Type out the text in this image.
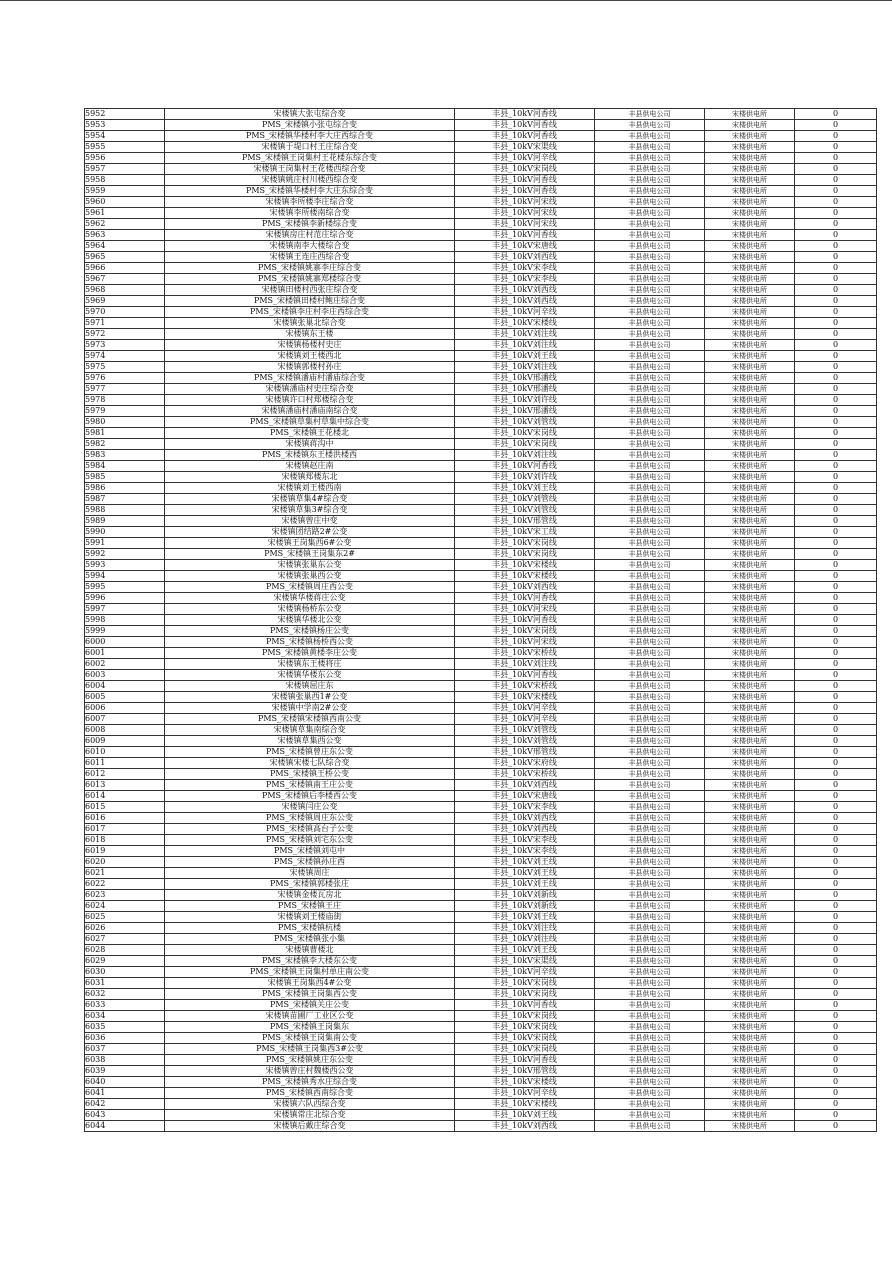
5952	宋楼镇大张屯综合变	丰县_10kV河香线	丰县供电公司	宋楼供电所	0
5953	PMS_宋楼镇小张屯综合变	丰县_10kV河香线	丰县供电公司	宋楼供电所	0
5954	PMS_宋楼镇华楼村李大庄西综合变	丰县_10kV河香线	丰县供电公司	宋楼供电所	0
5955	宋楼镇于堤口村王庄综合变	丰县_10kV宋渠线	丰县供电公司	宋楼供电所	0
5956	PMS_宋楼镇王岗集村王花楼东综合变	丰县_10kV河辛线	丰县供电公司	宋楼供电所	0
5957	宋楼镇王岗集村王花楼西综合变	丰县_10kV宋岗线	丰县供电公司	宋楼供电所	0
5958	宋楼镇姚庄村川楼西综合变	丰县_10kV河香线	丰县供电公司	宋楼供电所	0
5959	PMS_宋楼镇华楼村李大庄东综合变	丰县_10kV河香线	丰县供电公司	宋楼供电所	0
5960	宋楼镇李所楼李庄综合变	丰县_10kV河宋线	丰县供电公司	宋楼供电所	0
5961	宋楼镇李所楼南综合变	丰县_10kV河宋线	丰县供电公司	宋楼供电所	0
5962	PMS_宋楼镇李新楼综合变	丰县_10kV河宋线	丰县供电公司	宋楼供电所	0
5963	宋楼镇房庄村范庄综合变	丰县_10kV河香线	丰县供电公司	宋楼供电所	0
5964	宋楼镇南李大楼综合变	丰县_10kV宋唐线	丰县供电公司	宋楼供电所	0
5965	宋楼镇王连庄西综合变	丰县_10kV刘西线	丰县供电公司	宋楼供电所	0
5966	PMS_宋楼镇姚寨李庄综合变	丰县_10kV宋李线	丰县供电公司	宋楼供电所	0
5967	PMS_宋楼镇姚寨郑楼综合变	丰县_10kV宋李线	丰县供电公司	宋楼供电所	0
5968	宋楼镇田楼村西张庄综合变	丰县_10kV刘西线	丰县供电公司	宋楼供电所	0
5969	PMS_宋楼镇田楼村鲍庄综合变	丰县_10kV刘西线	丰县供电公司	宋楼供电所	0
5970	PMS_宋楼镇李庄村李庄西综合变	丰县_10kV河辛线	丰县供电公司	宋楼供电所	0
5971	宋楼镇张巢北综合变	丰县_10kV宋楼线	丰县供电公司	宋楼供电所	0
5972	宋楼镇东王楼	丰县_10kV刘注线	丰县供电公司	宋楼供电所	0
5973	宋楼镇杨楼村史庄	丰县_10kV刘注线	丰县供电公司	宋楼供电所	0
5974	宋楼镇刘王楼西北	丰县_10kV刘王线	丰县供电公司	宋楼供电所	0
5975	宋楼镇郭楼村孙庄	丰县_10kV刘注线	丰县供电公司	宋楼供电所	0
5976	PMS_宋楼镇潘庙村潘庙综合变	丰县_10kV邢潘线	丰县供电公司	宋楼供电所	0
5977	宋楼镇潘庙村史庄综合变	丰县_10kV邢潘线	丰县供电公司	宋楼供电所	0
5978	宋楼镇许口村郑楼综合变	丰县_10kV刘许线	丰县供电公司	宋楼供电所	0
5979	宋楼镇潘庙村潘庙南综合变	丰县_10kV邢潘线	丰县供电公司	宋楼供电所	0
5980	PMS_宋楼镇草集村草集中综合变	丰县_10kV刘管线	丰县供电公司	宋楼供电所	0
5981	PMS_宋楼镇王花楼北	丰县_10kV宋岗线	丰县供电公司	宋楼供电所	0
5982	宋楼镇蒋沟中	丰县_10kV宋岗线	丰县供电公司	宋楼供电所	0
5983	PMS_宋楼镇东王楼洪楼西	丰县_10kV刘注线	丰县供电公司	宋楼供电所	0
5984	宋楼镇赵庄南	丰县_10kV河香线	丰县供电公司	宋楼供电所	0
5985	宋楼镇郑楼东北	丰县_10kV刘许线	丰县供电公司	宋楼供电所	0
5986	宋楼镇刘王楼西南	丰县_10kV刘王线	丰县供电公司	宋楼供电所	0
5987	宋楼镇草集4#综合变	丰县_10kV刘管线	丰县供电公司	宋楼供电所	0
5988	宋楼镇草集3#综合变	丰县_10kV刘管线	丰县供电公司	宋楼供电所	0
5989	宋楼镇曾庄中变	丰县_10kV邢管线	丰县供电公司	宋楼供电所	0
5990	宋楼镇团结路2#公变	丰县_10kV宋工线	丰县供电公司	宋楼供电所	0
5991	宋楼镇王岗集西6#公变	丰县_10kV宋岗线	丰县供电公司	宋楼供电所	0
5992	PMS_宋楼镇王岗集东2#	丰县_10kV宋岗线	丰县供电公司	宋楼供电所	0
5993	宋楼镇张巢东公变	丰县_10kV宋楼线	丰县供电公司	宋楼供电所	0
5994	宋楼镇张巢西公变	丰县_10kV宋楼线	丰县供电公司	宋楼供电所	0
5995	PMS_宋楼镇周庄西公变	丰县_10kV刘西线	丰县供电公司	宋楼供电所	0
5996	宋楼镇华楼蒋庄公变	丰县_10kV河香线	丰县供电公司	宋楼供电所	0
5997	宋楼镇杨桥东公变	丰县_10kV河宋线	丰县供电公司	宋楼供电所	0
5998	宋楼镇华楼北公变	丰县_10kV河香线	丰县供电公司	宋楼供电所	0
5999	PMS_宋楼镇杨庄公变	丰县_10kV宋岗线	丰县供电公司	宋楼供电所	0
6000	PMS_宋楼镇杨桥西公变	丰县_10kV河宋线	丰县供电公司	宋楼供电所	0
6001	PMS_宋楼镇黄楼李庄公变	丰县_10kV宋桥线	丰县供电公司	宋楼供电所	0
6002	宋楼镇东王楼将庄	丰县_10kV刘注线	丰县供电公司	宋楼供电所	0
6003	宋楼镇华楼东公变	丰县_10kV河香线	丰县供电公司	宋楼供电所	0
6004	宋楼镇屈庄东	丰县_10kV宋桥线	丰县供电公司	宋楼供电所	0
6005	宋楼镇张巢西1#公变	丰县_10kV宋楼线	丰县供电公司	宋楼供电所	0
6006	宋楼镇中学南2#公变	丰县_10kV河辛线	丰县供电公司	宋楼供电所	0
6007	PMS_宋楼镇宋楼镇西南公变	丰县_10kV河辛线	丰县供电公司	宋楼供电所	0
6008	宋楼镇草集南综合变	丰县_10kV刘管线	丰县供电公司	宋楼供电所	0
6009	宋楼镇草集西公变	丰县_10kV刘管线	丰县供电公司	宋楼供电所	0
6010	PMS_宋楼镇曾庄东公变	丰县_10kV邢管线	丰县供电公司	宋楼供电所	0
6011	宋楼镇宋楼七队综合变	丰县_10kV宋府线	丰县供电公司	宋楼供电所	0
6012	PMS_宋楼镇王桥公变	丰县_10kV宋桥线	丰县供电公司	宋楼供电所	0
6013	PMS_宋楼镇南王庄公变	丰县_10kV刘西线	丰县供电公司	宋楼供电所	0
6014	PMS_宋楼镇后李楼西公变	丰县_10kV宋唐线	丰县供电公司	宋楼供电所	0
6015	宋楼镇闫庄公变	丰县_10kV宋李线	丰县供电公司	宋楼供电所	0
6016	PMS_宋楼镇周庄东公变	丰县_10kV刘西线	丰县供电公司	宋楼供电所	0
6017	PMS_宋楼镇高台子公变	丰县_10kV刘西线	丰县供电公司	宋楼供电所	0
6018	PMS_宋楼镇刘宅东公变	丰县_10kV宋李线	丰县供电公司	宋楼供电所	0
6019	PMS_宋楼镇刘屯中	丰县_10kV宋李线	丰县供电公司	宋楼供电所	0
6020	PMS_宋楼镇孙庄西	丰县_10kV刘王线	丰县供电公司	宋楼供电所	0
6021	宋楼镇周庄	丰县_10kV刘王线	丰县供电公司	宋楼供电所	0
6022	PMS_宋楼镇郭楼张庄	丰县_10kV刘王线	丰县供电公司	宋楼供电所	0
6023	宋楼镇金楼瓦房北	丰县_10kV刘新线	丰县供电公司	宋楼供电所	0
6024	PMS_宋楼镇王庄	丰县_10kV刘新线	丰县供电公司	宋楼供电所	0
6025	宋楼镇刘王楼庙街	丰县_10kV刘王线	丰县供电公司	宋楼供电所	0
6026	PMS_宋楼镇杭楼	丰县_10kV刘注线	丰县供电公司	宋楼供电所	0
6027	PMS_宋楼镇张小集	丰县_10kV刘注线	丰县供电公司	宋楼供电所	0
6028	宋楼镇曹楼北	丰县_10kV刘王线	丰县供电公司	宋楼供电所	0
6029	PMS_宋楼镇李大楼东公变	丰县_10kV宋渠线	丰县供电公司	宋楼供电所	0
6030	PMS_宋楼镇王岗集村单庄南公变	丰县_10kV河辛线	丰县供电公司	宋楼供电所	0
6031	宋楼镇王岗集西4#公变	丰县_10kV宋岗线	丰县供电公司	宋楼供电所	0
6032	PMS_宋楼镇王岗集西公变	丰县_10kV宋岗线	丰县供电公司	宋楼供电所	0
6033	PMS_宋楼镇关庄公变	丰县_10kV河香线	丰县供电公司	宋楼供电所	0
6034	宋楼镇苗圃厂工业区公变	丰县_10kV宋岗线	丰县供电公司	宋楼供电所	0
6035	PMS_宋楼镇王岗集东	丰县_10kV宋岗线	丰县供电公司	宋楼供电所	0
6036	PMS_宋楼镇王岗集南公变	丰县_10kV宋岗线	丰县供电公司	宋楼供电所	0
6037	PMS_宋楼镇王岗集西3#公变	丰县_10kV宋岗线	丰县供电公司	宋楼供电所	0
6038	PMS_宋楼镇姚庄东公变	丰县_10kV河香线	丰县供电公司	宋楼供电所	0
6039	宋楼镇曾庄村魏楼西公变	丰县_10kV邢管线	丰县供电公司	宋楼供电所	0
6040	PMS_宋楼镇秀水庄综合变	丰县_10kV宋楼线	丰县供电公司	宋楼供电所	0
6041	PMS_宋楼镇西南综合变	丰县_10kV河辛线	丰县供电公司	宋楼供电所	0
6042	宋楼镇六队西综合变	丰县_10kV宋楼线	丰县供电公司	宋楼供电所	0
6043	宋楼镇常庄北综合变	丰县_10kV刘王线	丰县供电公司	宋楼供电所	0
6044	宋楼镇后戴庄综合变	丰县_10kV刘西线	丰县供电公司	宋楼供电所	0
